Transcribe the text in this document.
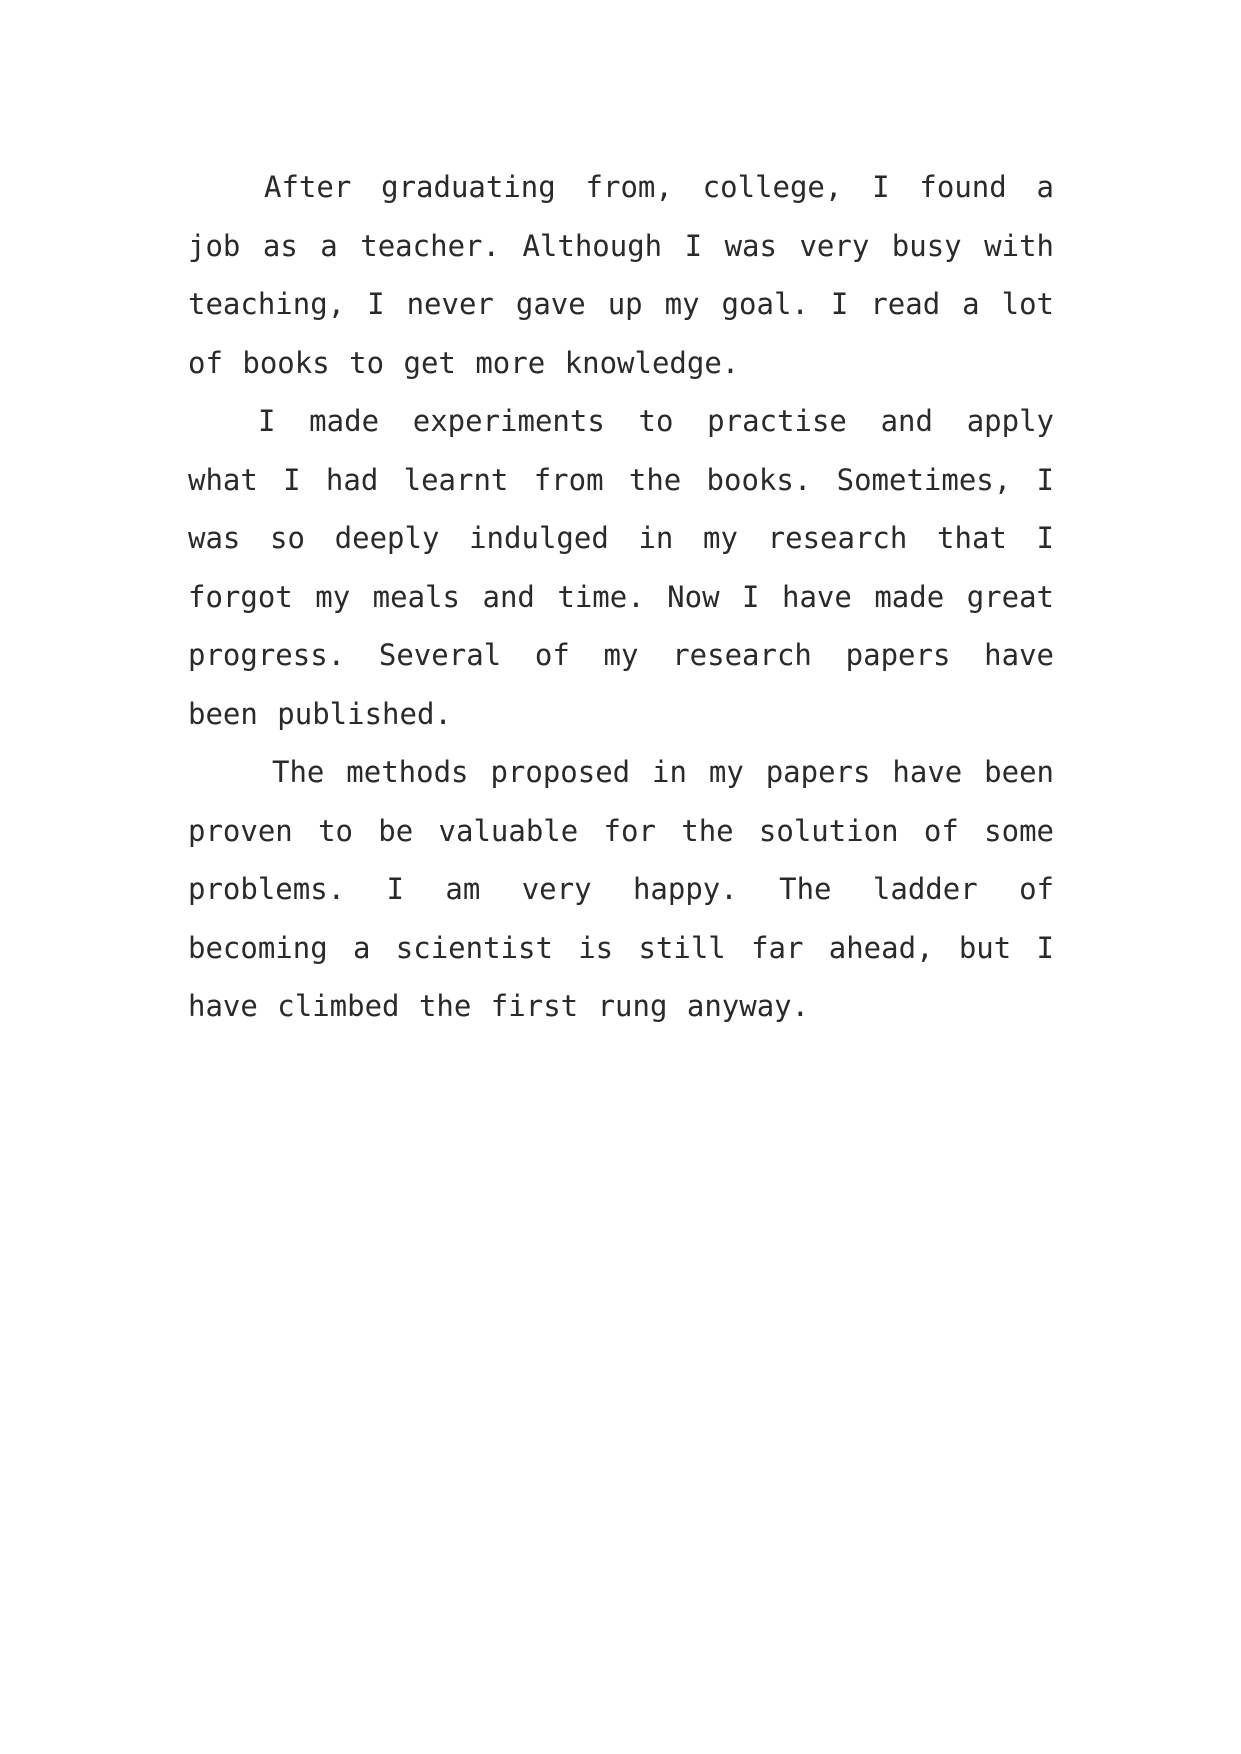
After graduating from, college, I found a job as a teacher. Although I was very busy with teaching, I never gave up my goal. I read a lot of books to get more knowledge.

I made experiments to practise and apply what I had learnt from the books. Sometimes, I was so deeply indulged in my research that I forgot my meals and time. Now I have made great progress. Several of my research papers have been published.

The methods proposed in my papers have been proven to be valuable for the solution of some problems. I am very happy. The ladder of becoming a scientist is still far ahead, but I have climbed the first rung anyway.
